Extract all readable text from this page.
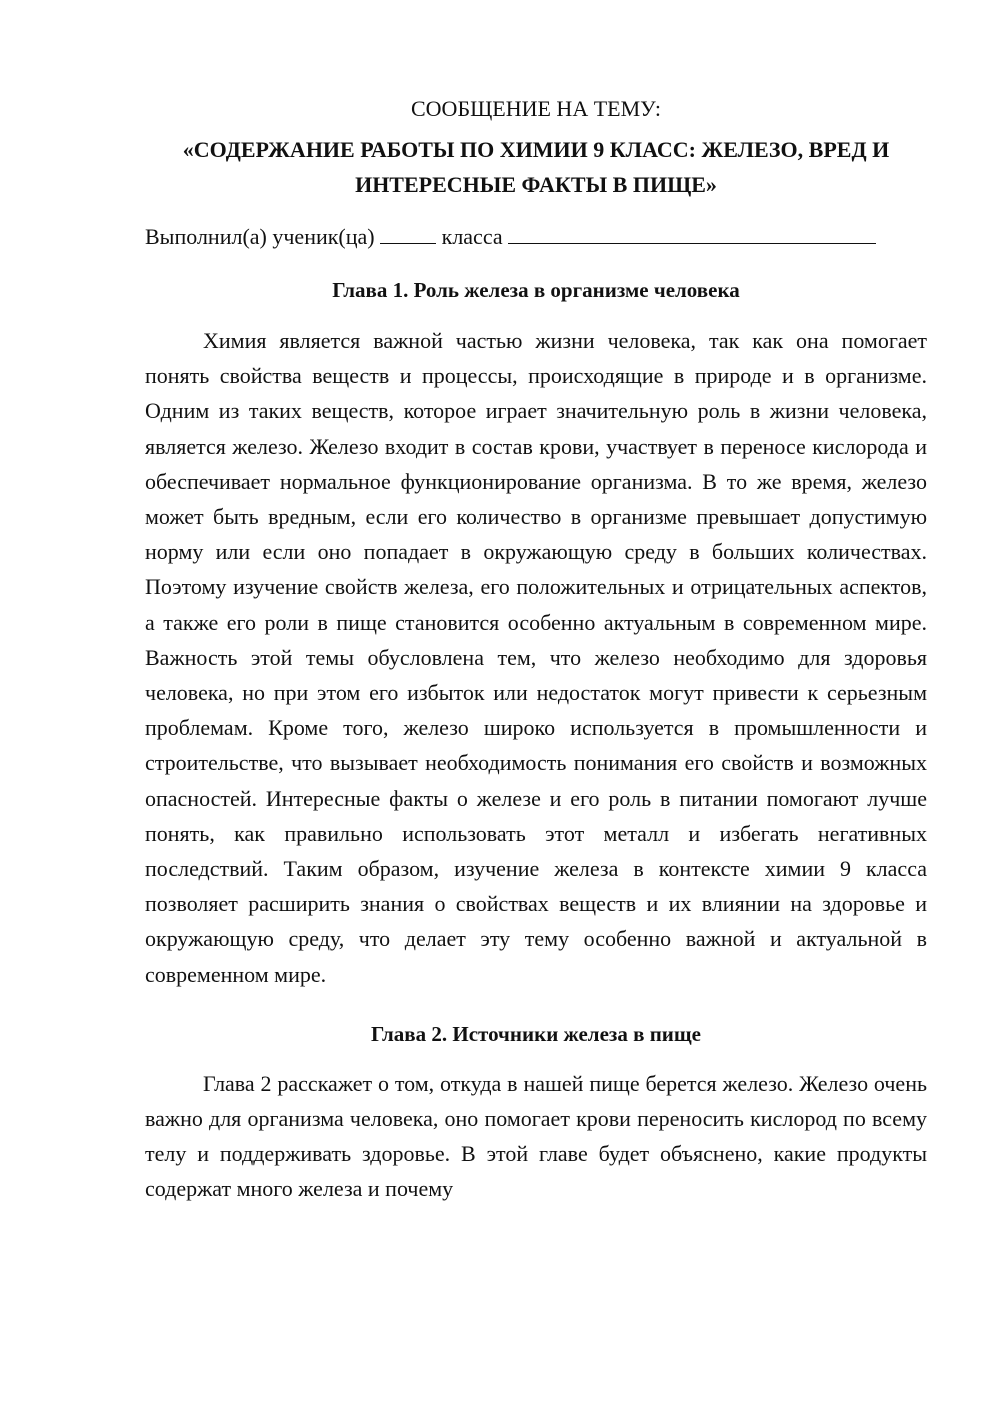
СООБЩЕНИЕ НА ТЕМУ:

«СОДЕРЖАНИЕ РАБОТЫ ПО ХИМИИ 9 КЛАСС: ЖЕЛЕЗО, ВРЕД И
ИНТЕРЕСНЫЕ ФАКТЫ В ПИЩЕ»

Выполнил(а) ученик(ца)	класса

Глава 1. Роль железа в организме человека

Химия является важной частью жизни человека, так как она помогает понять свойства веществ и процессы, происходящие в природе и в организме. Одним из таких веществ, которое играет значительную роль в жизни человека, является железо. Железо входит в состав крови, участвует в переносе кислорода и обеспечивает нормальное функционирование организма. В то же время, железо может быть вредным, если его количество в организме превышает допустимую норму или если оно попадает в окружающую среду в больших количествах. Поэтому изучение свойств железа, его положительных и отрицательных аспектов, а также его роли в пище становится особенно актуальным в современном мире. Важность этой темы обусловлена тем, что железо необходимо для здоровья человека, но при этом его избыток или недостаток могут привести к серьезным проблемам. Кроме того, железо широко используется в промышленности и строительстве, что вызывает необходимость понимания его свойств и возможных опасностей. Интересные факты о железе и его роль в питании помогают лучше понять, как правильно использовать этот металл и избегать негативных последствий. Таким образом, изучение железа в контексте химии 9 класса позволяет расширить знания о свойствах веществ и их влиянии на здоровье и окружающую среду, что делает эту тему особенно важной и актуальной в современном мире.

Глава 2. Источники железа в пище

Глава 2 расскажет о том, откуда в нашей пище берется железо. Железо очень важно для организма человека, оно помогает крови переносить кислород по всему телу и поддерживать здоровье. В этой главе будет объяснено, какие продукты содержат много железа и почему
